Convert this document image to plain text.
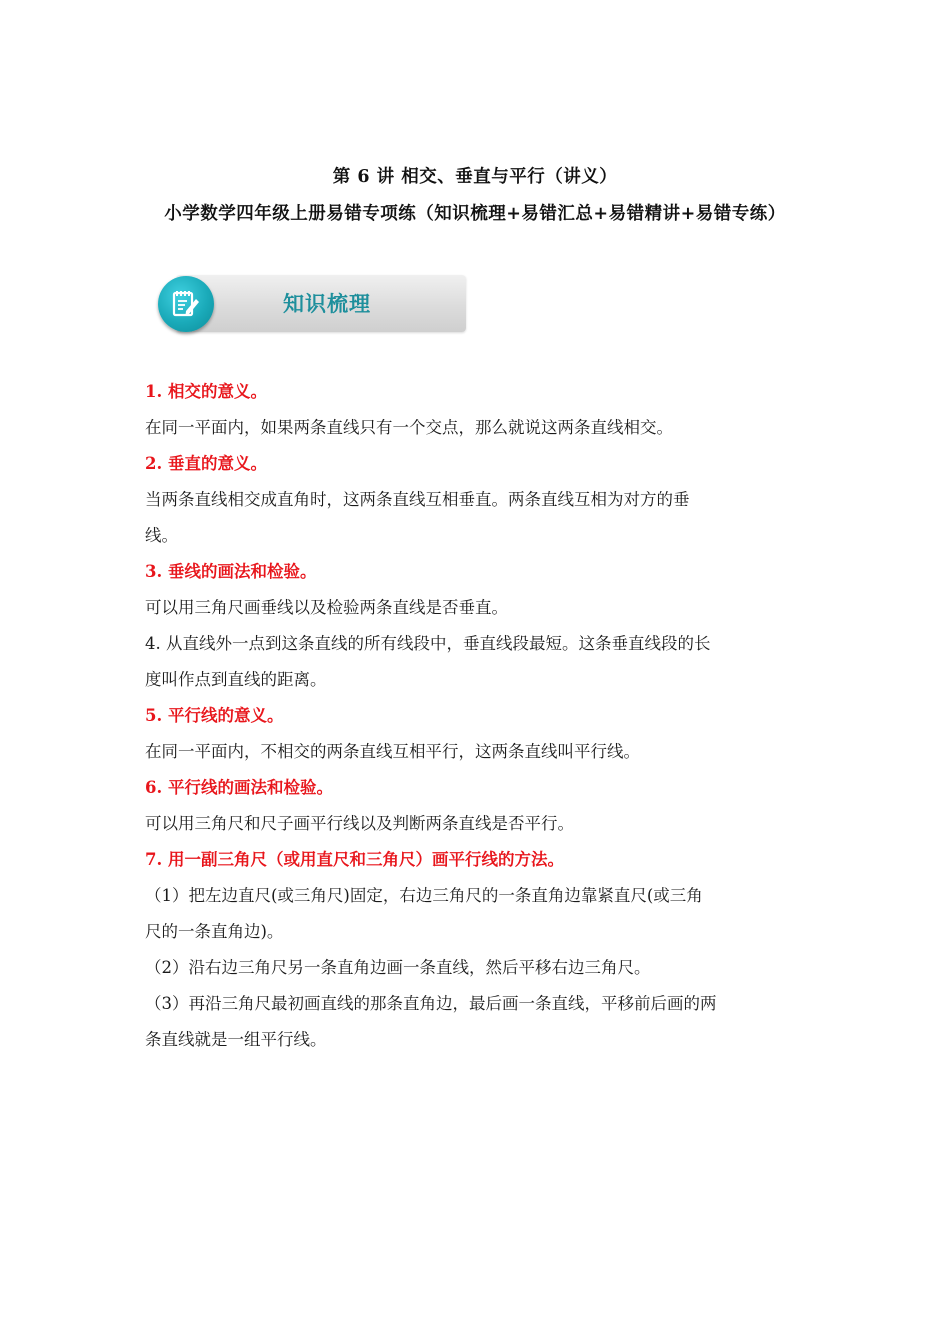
第 6 讲 相交、垂直与平行（讲义）
小学数学四年级上册易错专项练（知识梳理+易错汇总+易错精讲+易错专练）
知识梳理
1. 相交的意义。
在同一平面内，如果两条直线只有一个交点，那么就说这两条直线相交。
2. 垂直的意义。
当两条直线相交成直角时，这两条直线互相垂直。两条直线互相为对方的垂
线。
3. 垂线的画法和检验。
可以用三角尺画垂线以及检验两条直线是否垂直。
4. 从直线外一点到这条直线的所有线段中，垂直线段最短。这条垂直线段的长
度叫作点到直线的距离。
5. 平行线的意义。
在同一平面内，不相交的两条直线互相平行，这两条直线叫平行线。
6. 平行线的画法和检验。
可以用三角尺和尺子画平行线以及判断两条直线是否平行。
7. 用一副三角尺（或用直尺和三角尺）画平行线的方法。
（1）把左边直尺(或三角尺)固定，右边三角尺的一条直角边靠紧直尺(或三角
尺的一条直角边)。
（2）沿右边三角尺另一条直角边画一条直线，然后平移右边三角尺。
（3）再沿三角尺最初画直线的那条直角边，最后画一条直线，平移前后画的两
条直线就是一组平行线。
